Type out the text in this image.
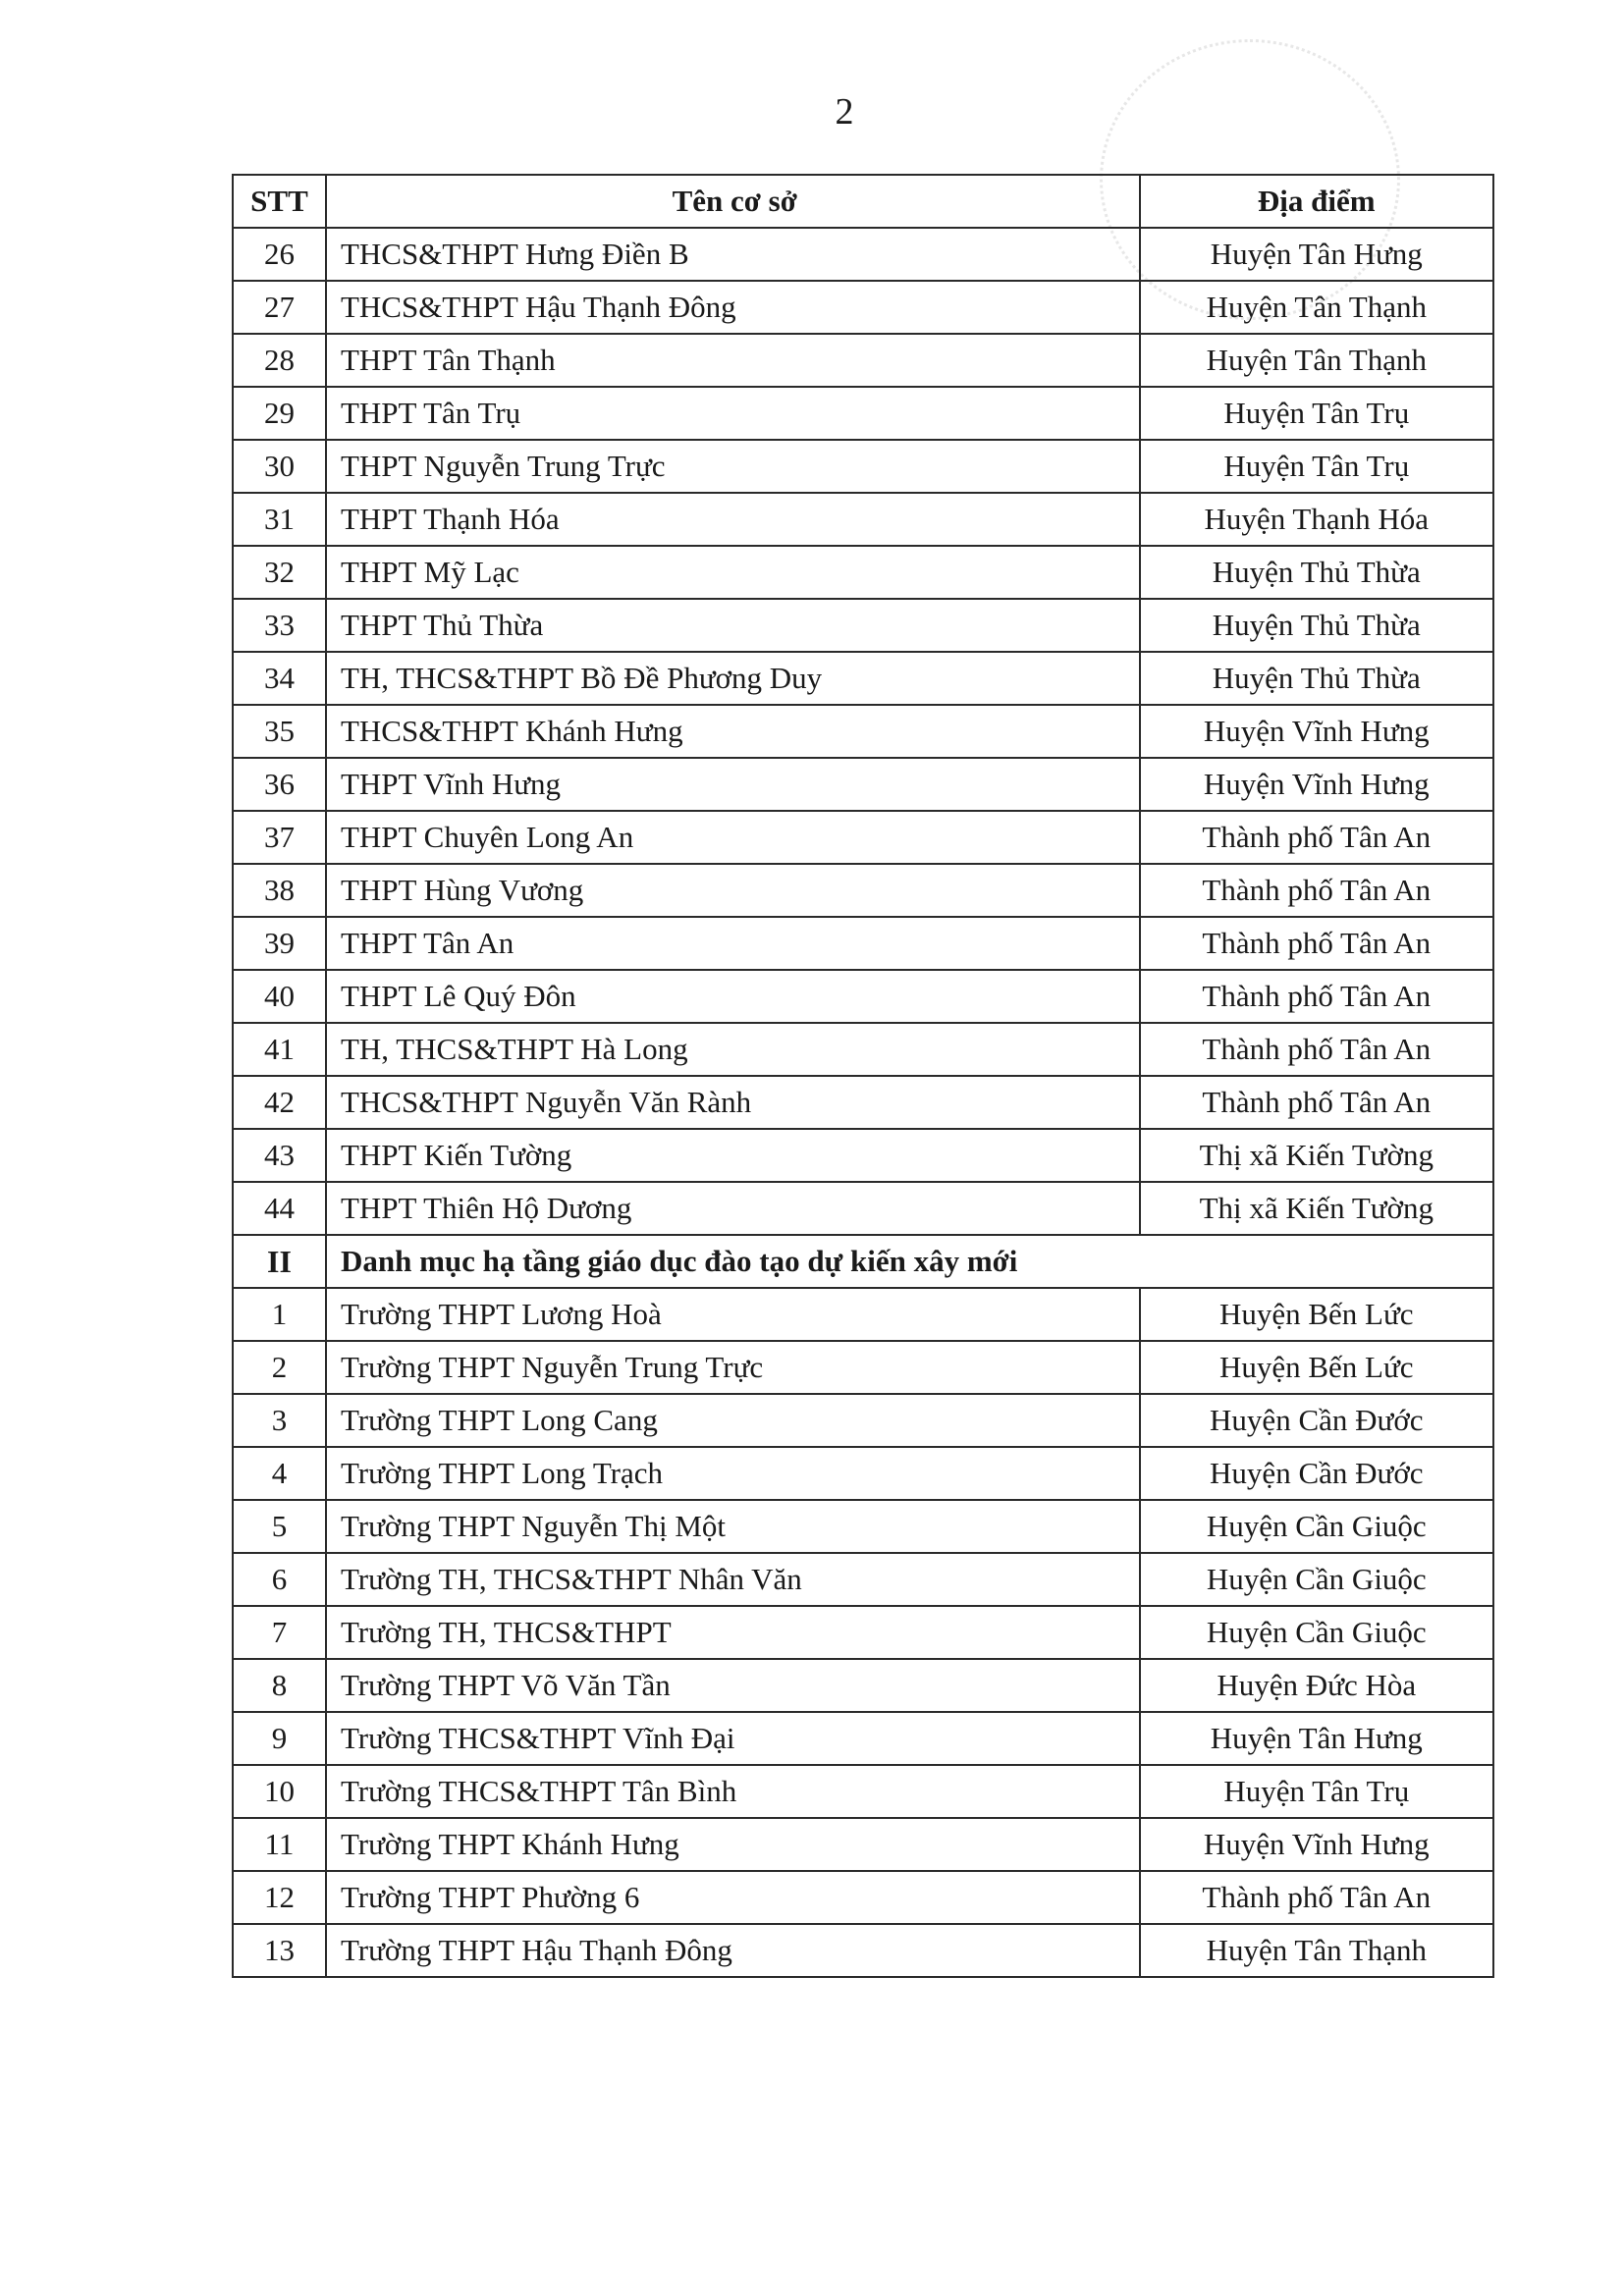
2
STT	Tên cơ sở	Địa điểm
26	THCS&THPT Hưng Điền B	Huyện Tân Hưng
27	THCS&THPT Hậu Thạnh Đông	Huyện Tân Thạnh
28	THPT Tân Thạnh	Huyện Tân Thạnh
29	THPT Tân Trụ	Huyện Tân Trụ
30	THPT Nguyễn Trung Trực	Huyện Tân Trụ
31	THPT Thạnh Hóa	Huyện Thạnh Hóa
32	THPT Mỹ Lạc	Huyện Thủ Thừa
33	THPT Thủ Thừa	Huyện Thủ Thừa
34	TH, THCS&THPT Bồ Đề Phương Duy	Huyện Thủ Thừa
35	THCS&THPT Khánh Hưng	Huyện Vĩnh Hưng
36	THPT Vĩnh Hưng	Huyện Vĩnh Hưng
37	THPT Chuyên Long An	Thành phố Tân An
38	THPT Hùng Vương	Thành phố Tân An
39	THPT Tân An	Thành phố Tân An
40	THPT Lê Quý Đôn	Thành phố Tân An
41	TH, THCS&THPT Hà Long	Thành phố Tân An
42	THCS&THPT Nguyễn Văn Rành	Thành phố Tân An
43	THPT Kiến Tường	Thị xã Kiến Tường
44	THPT Thiên Hộ Dương	Thị xã Kiến Tường
II	Danh mục hạ tầng giáo dục đào tạo dự kiến xây mới	
1	Trường THPT Lương Hoà	Huyện Bến Lức
2	Trường THPT Nguyễn Trung Trực	Huyện Bến Lức
3	Trường THPT Long Cang	Huyện Cần Đước
4	Trường THPT Long Trạch	Huyện Cần Đước
5	Trường THPT Nguyễn Thị Một	Huyện Cần Giuộc
6	Trường TH, THCS&THPT Nhân Văn	Huyện Cần Giuộc
7	Trường TH, THCS&THPT	Huyện Cần Giuộc
8	Trường THPT Võ Văn Tần	Huyện Đức Hòa
9	Trường THCS&THPT Vĩnh Đại	Huyện Tân Hưng
10	Trường THCS&THPT Tân Bình	Huyện Tân Trụ
11	Trường THPT Khánh Hưng	Huyện Vĩnh Hưng
12	Trường THPT Phường 6	Thành phố Tân An
13	Trường THPT Hậu Thạnh Đông	Huyện Tân Thạnh
